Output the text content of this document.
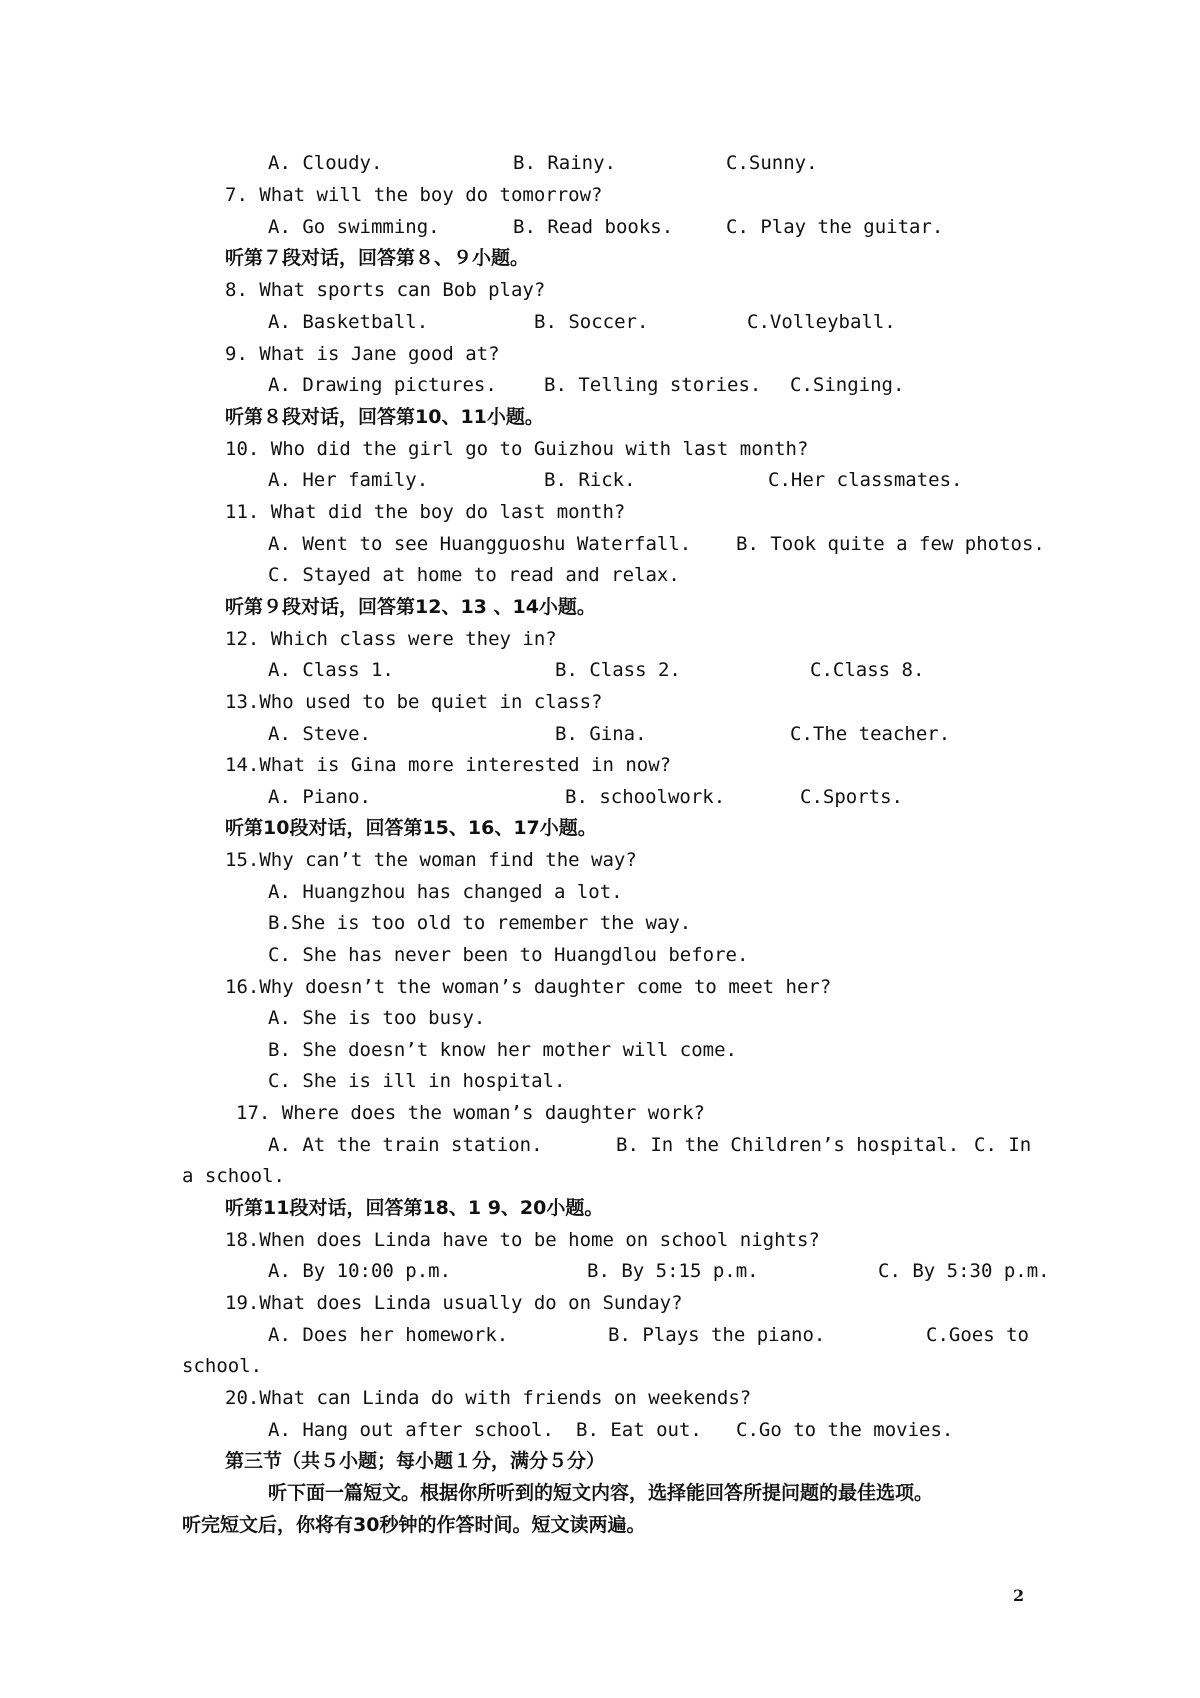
A. Cloudy.	B. Rainy.	C.Sunny.
7. What will the boy do tomorrow?
A. Go swimming.	B. Read books.	C. Play the guitar.
听第７段对话，回答第８、９小题。
8. What sports can Bob play?
A. Basketball.	B. Soccer.	C.Volleyball.
9. What is Jane good at?
A. Drawing pictures. B. Telling stories. C.Singing.
听第８段对话，回答第10、11小题。
10. Who did the girl go to Guizhou with last month?
A. Her family.	B. Rick.	C.Her classmates.
11. What did the boy do last month?
A. Went to see Huangguoshu Waterfall. B. Took quite a few photos.
C. Stayed at home to read and relax.
听第９段对话，回答第12、13 、14小题。
12. Which class were they in?
A. Class 1.	B. Class 2.	C.Class 8.
13.Who used to be quiet in class?
A. Steve.	B. Gina.	C.The teacher.
14.What is Gina more interested in now?
A. Piano.	B. schoolwork.	C.Sports.
听第10段对话，回答第15、16、17小题。
15.Why can’t the woman find the way?
A. Huangzhou has changed a lot.
B.She is too old to remember the way.
C. She has never been to Huangdlou before.
16.Why doesn’t the woman’s daughter come to meet her?
A. She is too busy.
B. She doesn’t know her mother will come.
C. She is ill in hospital.
17. Where does the woman’s daughter work?
A. At the train station.	B. In the Children’s hospital. C. In
a school.
听第11段对话，回答第18、1 9、20小题。
18.When does Linda have to be home on school nights?
A. By 10:00 p.m.	B. By 5:15 p.m.	C. By 5:30 p.m.
19.What does Linda usually do on Sunday?
A. Does her homework.	B. Plays the piano.	C.Goes to
school.
20.What can Linda do with friends on weekends?
A. Hang out after school. B. Eat out. C.Go to the movies.
第三节（共５小题；每小题１分，满分５分）
听下面一篇短文。根据你所听到的短文内容，选择能回答所提问题的最佳选项。
听完短文后，你将有30秒钟的作答时间。短文读两遍。
2
